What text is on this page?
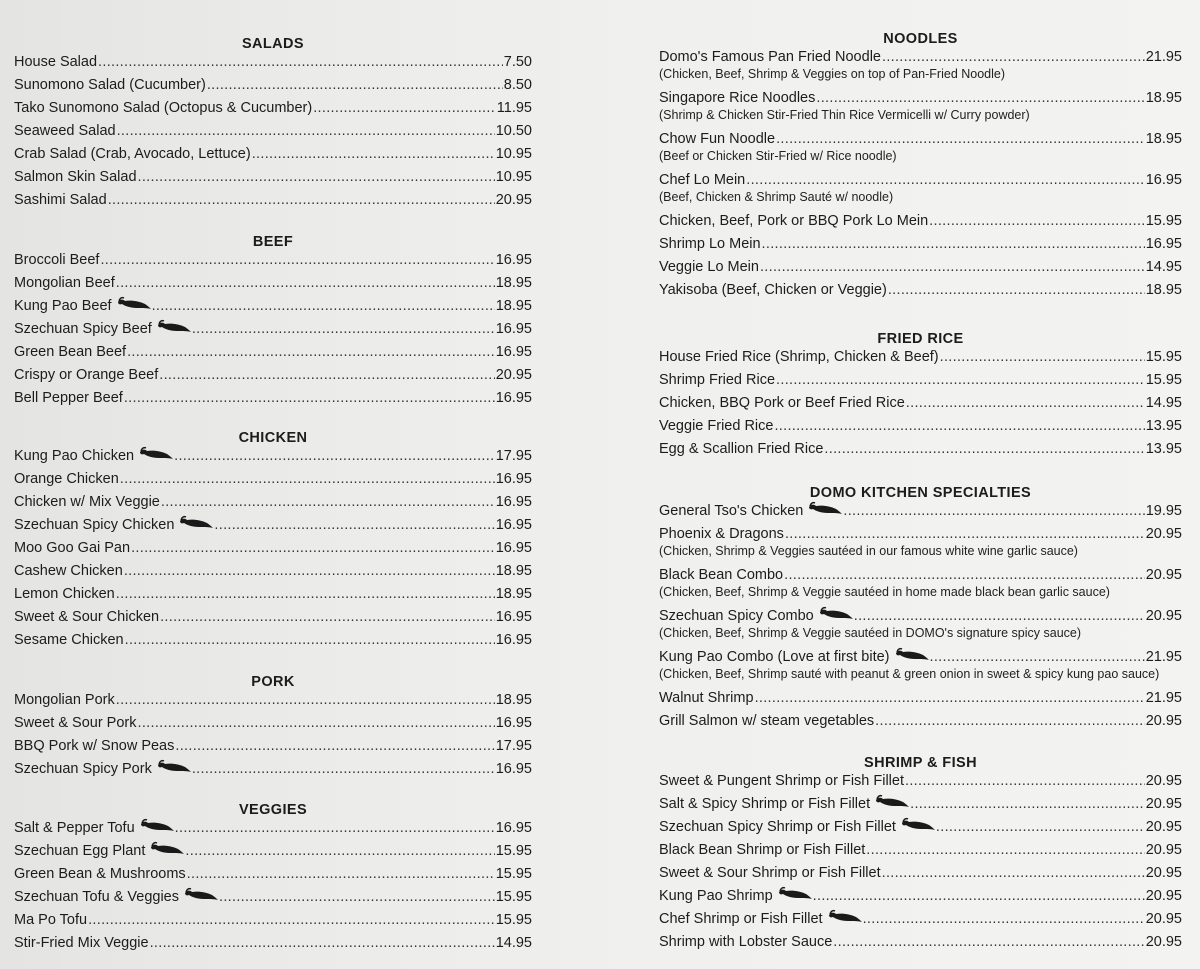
SALADS
House Salad .....	7.50
Sunomono Salad (Cucumber) .....	8.50
Tako Sunomono Salad (Octopus & Cucumber) .....	11.95
Seaweed Salad .....	10.50
Crab Salad (Crab, Avocado, Lettuce) .....	10.95
Salmon Skin Salad .....	10.95
Sashimi Salad .....	20.95
BEEF
Broccoli Beef .....	16.95
Mongolian Beef .....	18.95
Kung Pao Beef .....	18.95
Szechuan Spicy Beef .....	16.95
Green Bean Beef .....	16.95
Crispy or Orange Beef .....	20.95
Bell Pepper Beef .....	16.95
CHICKEN
Kung Pao Chicken .....	17.95
Orange Chicken .....	16.95
Chicken w/ Mix Veggie .....	16.95
Szechuan Spicy Chicken .....	16.95
Moo Goo Gai Pan .....	16.95
Cashew Chicken .....	18.95
Lemon Chicken .....	18.95
Sweet & Sour Chicken .....	16.95
Sesame Chicken .....	16.95
PORK
Mongolian Pork .....	18.95
Sweet & Sour Pork .....	16.95
BBQ Pork w/ Snow Peas .....	17.95
Szechuan Spicy Pork .....	16.95
VEGGIES
Salt & Pepper Tofu .....	16.95
Szechuan Egg Plant .....	15.95
Green Bean & Mushrooms .....	15.95
Szechuan Tofu & Veggies .....	15.95
Ma Po Tofu .....	15.95
Stir-Fried Mix Veggie .....	14.95
NOODLES
Domo's Famous Pan Fried Noodle .....	21.95
(Chicken, Beef, Shrimp & Veggies on top of Pan-Fried Noodle)
Singapore Rice Noodles .....	18.95
(Shrimp & Chicken Stir-Fried Thin Rice Vermicelli w/ Curry powder)
Chow Fun Noodle .....	18.95
(Beef or Chicken Stir-Fried w/ Rice noodle)
Chef Lo Mein .....	16.95
(Beef, Chicken & Shrimp Sauté w/ noodle)
Chicken, Beef, Pork or BBQ Pork Lo Mein .....	15.95
Shrimp Lo Mein .....	16.95
Veggie Lo Mein .....	14.95
Yakisoba (Beef, Chicken or Veggie) .....	18.95
FRIED RICE
House Fried Rice (Shrimp, Chicken & Beef) .....	15.95
Shrimp Fried Rice .....	15.95
Chicken, BBQ Pork or Beef Fried Rice .....	14.95
Veggie Fried Rice .....	13.95
Egg & Scallion Fried Rice .....	13.95
DOMO KITCHEN SPECIALTIES
General Tso's Chicken .....	19.95
Phoenix & Dragons .....	20.95
(Chicken, Shrimp & Veggies sautéed in our famous white wine garlic sauce)
Black Bean Combo .....	20.95
(Chicken, Beef, Shrimp & Veggie sautéed in home made black bean garlic sauce)
Szechuan Spicy Combo .....	20.95
(Chicken, Beef, Shrimp & Veggie sautéed in DOMO's signature spicy sauce)
Kung Pao Combo (Love at first bite) .....	21.95
(Chicken, Beef, Shrimp sauté with peanut & green onion in sweet & spicy kung pao sauce)
Walnut Shrimp .....	21.95
Grill Salmon w/ steam vegetables .....	20.95
SHRIMP & FISH
Sweet & Pungent Shrimp or Fish Fillet .....	20.95
Salt & Spicy Shrimp or Fish Fillet .....	20.95
Szechuan Spicy Shrimp or Fish Fillet .....	20.95
Black Bean Shrimp or Fish Fillet .....	20.95
Sweet & Sour Shrimp or Fish Fillet .....	20.95
Kung Pao Shrimp .....	20.95
Chef Shrimp or Fish Fillet .....	20.95
Shrimp with Lobster Sauce .....	20.95
